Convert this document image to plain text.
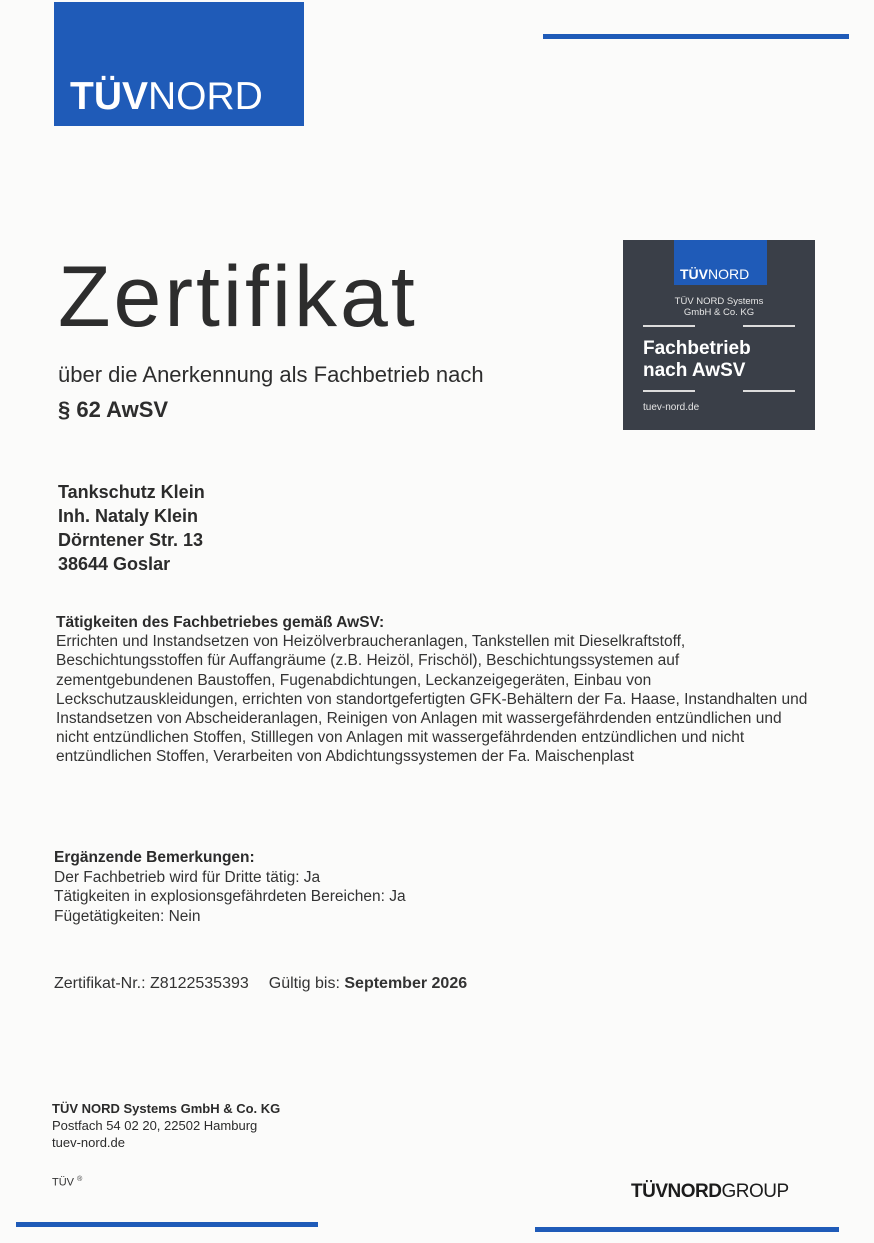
TÜVNORD
Zertifikat
über die Anerkennung als Fachbetrieb nach
§ 62 AwSV
TÜVNORD
TÜV NORD Systems
GmbH & Co. KG
Fachbetrieb
nach AwSV
tuev-nord.de
Tankschutz Klein
Inh. Nataly Klein
Dörntener Str. 13
38644 Goslar
Tätigkeiten des Fachbetriebes gemäß AwSV:
Errichten und Instandsetzen von Heizölverbraucheranlagen, Tankstellen mit Dieselkraftstoff, Beschichtungsstoffen für Auffangräume (z.B. Heizöl, Frischöl), Beschichtungssystemen auf zementgebundenen Baustoffen, Fugenabdichtungen, Leckanzeigegeräten, Einbau von Leckschutzauskleidungen, errichten von standortgefertigten GFK-Behältern der Fa. Haase, Instandhalten und Instandsetzen von Abscheideranlagen, Reinigen von Anlagen mit wassergefährdenden entzündlichen und nicht entzündlichen Stoffen, Stilllegen von Anlagen mit wassergefährdenden entzündlichen und nicht entzündlichen Stoffen, Verarbeiten von Abdichtungssystemen der Fa. Maischenplast
Ergänzende Bemerkungen:
Der Fachbetrieb wird für Dritte tätig: Ja
Tätigkeiten in explosionsgefährdeten Bereichen: Ja
Fügetätigkeiten: Nein
Zertifikat-Nr.: Z8122535393 Gültig bis: September 2026
TÜV NORD Systems GmbH & Co. KG
Postfach 54 02 20, 22502 Hamburg
tuev-nord.de
TÜV ®
TÜVNORDGROUP
